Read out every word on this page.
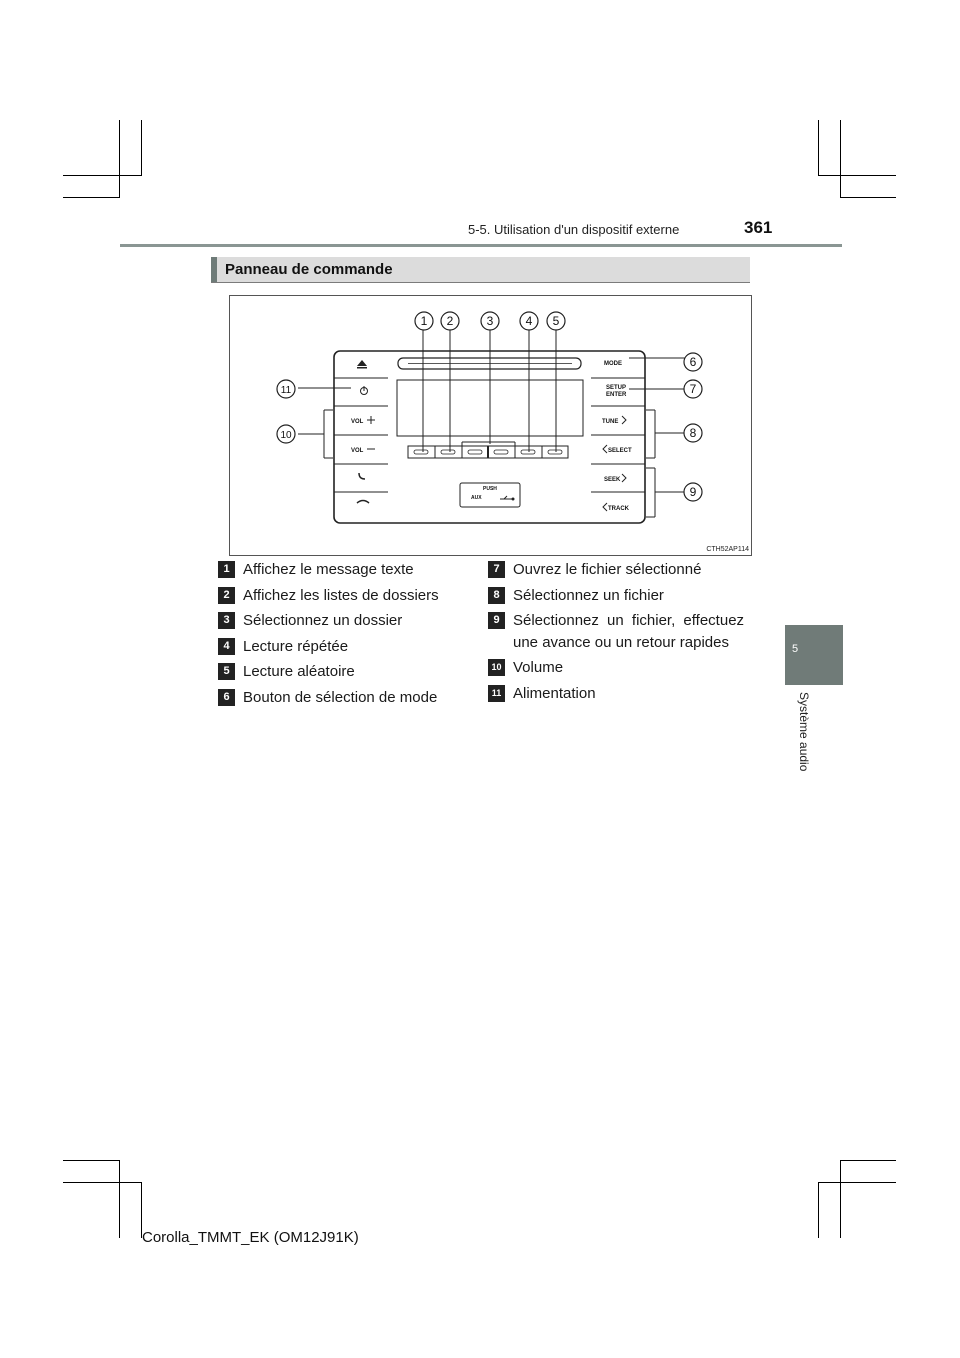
5-5. Utilisation d'un dispositif externe	361
5
Système audio
Panneau de commande
1 2	3	4 5
6
7
8
9
10
11
MODE
SETUP
ENTER
TUNE
SELECT
SEEK
TRACK
VOL
VOL
PUSH
AUX
CTH52AP114
1 Affichez le message texte
2 Affichez les listes de dossiers
3 Sélectionnez un dossier
4 Lecture répétée
5 Lecture aléatoire
6 Bouton de sélection de mode
7 Ouvrez le fichier sélectionné
8 Sélectionnez un fichier
9 Sélectionnez un fichier, effectuez
une avance ou un retour rapides
10 Volume
11 Alimentation
Corolla_TMMT_EK (OM12J91K)
